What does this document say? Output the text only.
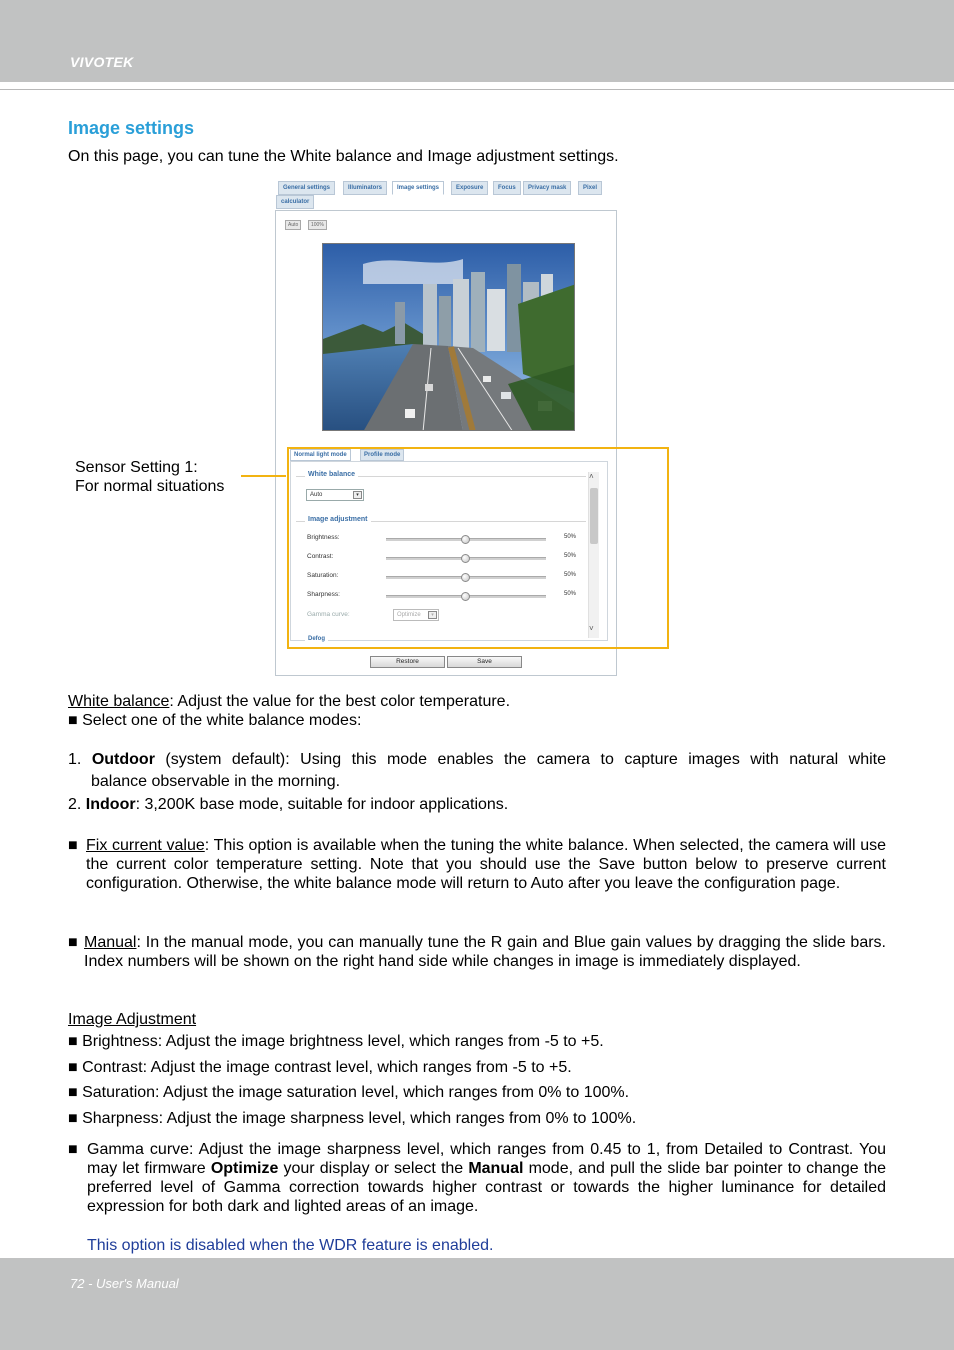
VIVOTEK
Image settings
On this page, you can tune the White balance and Image adjustment settings.
General settings	Illuminators	Image settings	Exposure	Focus	Privacy mask	Pixel
calculator
Auto	100%
Normal light mode	Profile mode
White balance
Auto	▾
Image adjustment
Brightness:	50%
Contrast:	50%
Saturation:	50%
Sharpness:	50%
Gamma curve:	Optimize	▾
Defog
˄
˅
Restore	Save
Sensor Setting 1:
For normal situations
White balance: Adjust the value for the best color temperature.
■ Select one of the white balance modes:
1. Outdoor (system default): Using this mode enables the camera to capture images with natural white
balance observable in the morning.
2. Indoor: 3,200K base mode, suitable for indoor applications.
■ Fix current value: This option is available when the tuning the white balance. When selected, the camera will use the current color temperature setting. Note that you should use the Save button below to preserve current configuration. Otherwise, the white balance mode will return to Auto after you leave the configuration page.
■ Manual: In the manual mode, you can manually tune the R gain and Blue gain values by dragging the slide bars. Index numbers will be shown on the right hand side while changes in image is immediately displayed.
Image Adjustment
■ Brightness: Adjust the image brightness level, which ranges from -5 to +5.
■ Contrast: Adjust the image contrast level, which ranges from -5 to +5.
■ Saturation: Adjust the image saturation level, which ranges from 0% to 100%.
■ Sharpness: Adjust the image sharpness level, which ranges from 0% to 100%.
■ Gamma curve: Adjust the image sharpness level, which ranges from 0.45 to 1, from Detailed to Contrast. You may let firmware Optimize your display or select the Manual mode, and pull the slide bar pointer to change the preferred level of Gamma correction towards higher contrast or towards the higher luminance for detailed expression for both dark and lighted areas of an image.
This option is disabled when the WDR feature is enabled.
72 - User's Manual
